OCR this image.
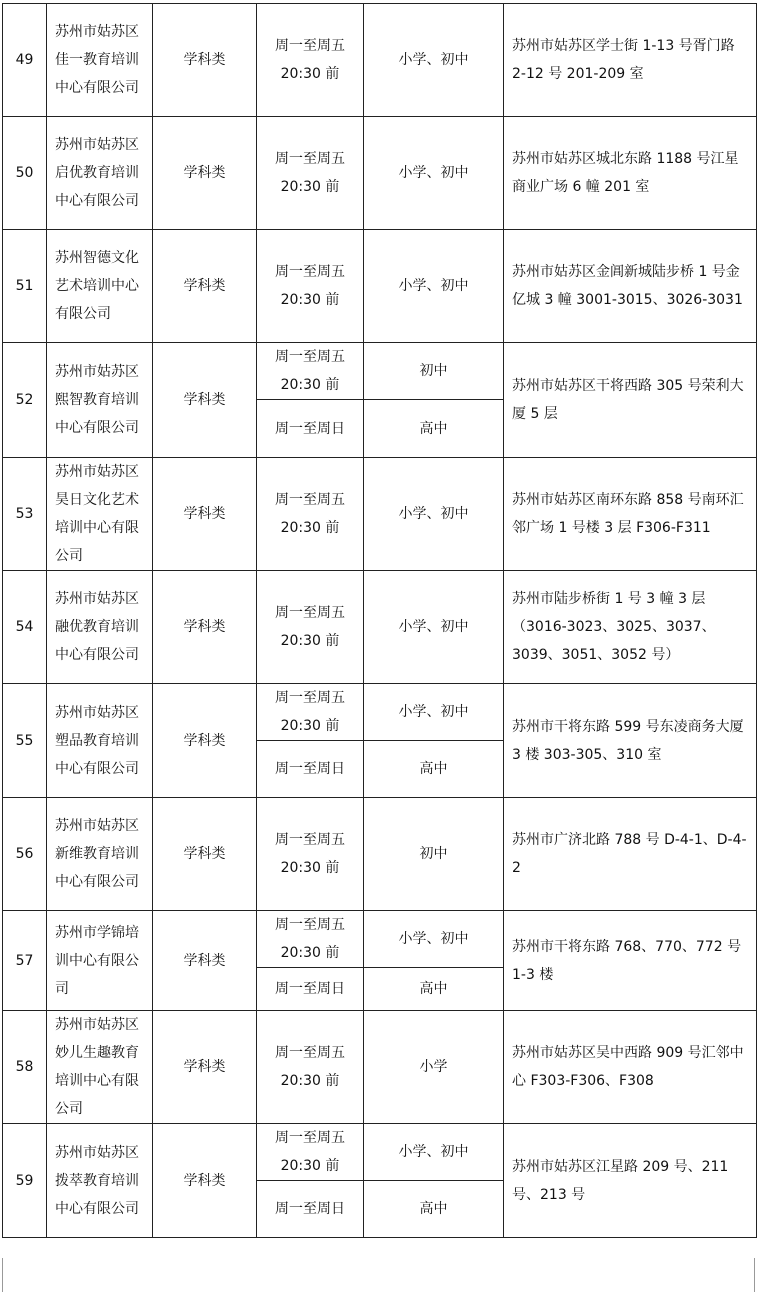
49	苏州市姑苏区佳一教育培训中心有限公司	学科类	周一至周五 20:30 前	小学、初中	苏州市姑苏区学士街 1-13 号胥门路 2-12 号 201-209 室
50	苏州市姑苏区启优教育培训中心有限公司	学科类	周一至周五 20:30 前	小学、初中	苏州市姑苏区城北东路 1188 号江星商业广场 6 幢 201 室
51	苏州智德文化艺术培训中心有限公司	学科类	周一至周五 20:30 前	小学、初中	苏州市姑苏区金阊新城陆步桥 1 号金亿城 3 幢 3001-3015、3026-3031
52	苏州市姑苏区熙智教育培训中心有限公司	学科类	周一至周五 20:30 前	初中	苏州市姑苏区干将西路 305 号荣利大厦 5 层
			周一至周日	高中	
53	苏州市姑苏区昊日文化艺术培训中心有限公司	学科类	周一至周五 20:30 前	小学、初中	苏州市姑苏区南环东路 858 号南环汇邻广场 1 号楼 3 层 F306-F311
54	苏州市姑苏区融优教育培训中心有限公司	学科类	周一至周五 20:30 前	小学、初中	苏州市陆步桥街 1 号 3 幢 3 层（3016-3023、3025、3037、3039、3051、3052 号）
55	苏州市姑苏区塑品教育培训中心有限公司	学科类	周一至周五 20:30 前	小学、初中	苏州市干将东路 599 号东凌商务大厦 3 楼 303-305、310 室
			周一至周日	高中	
56	苏州市姑苏区新维教育培训中心有限公司	学科类	周一至周五 20:30 前	初中	苏州市广济北路 788 号 D-4-1、D-4-2
57	苏州市学锦培训中心有限公司	学科类	周一至周五 20:30 前	小学、初中	苏州市干将东路 768、770、772 号 1-3 楼
			周一至周日	高中	
58	苏州市姑苏区妙儿生趣教育培训中心有限公司	学科类	周一至周五 20:30 前	小学	苏州市姑苏区吴中西路 909 号汇邻中心 F303-F306、F308
59	苏州市姑苏区拨萃教育培训中心有限公司	学科类	周一至周五 20:30 前	小学、初中	苏州市姑苏区江星路 209 号、211 号、213 号
			周一至周日	高中	
